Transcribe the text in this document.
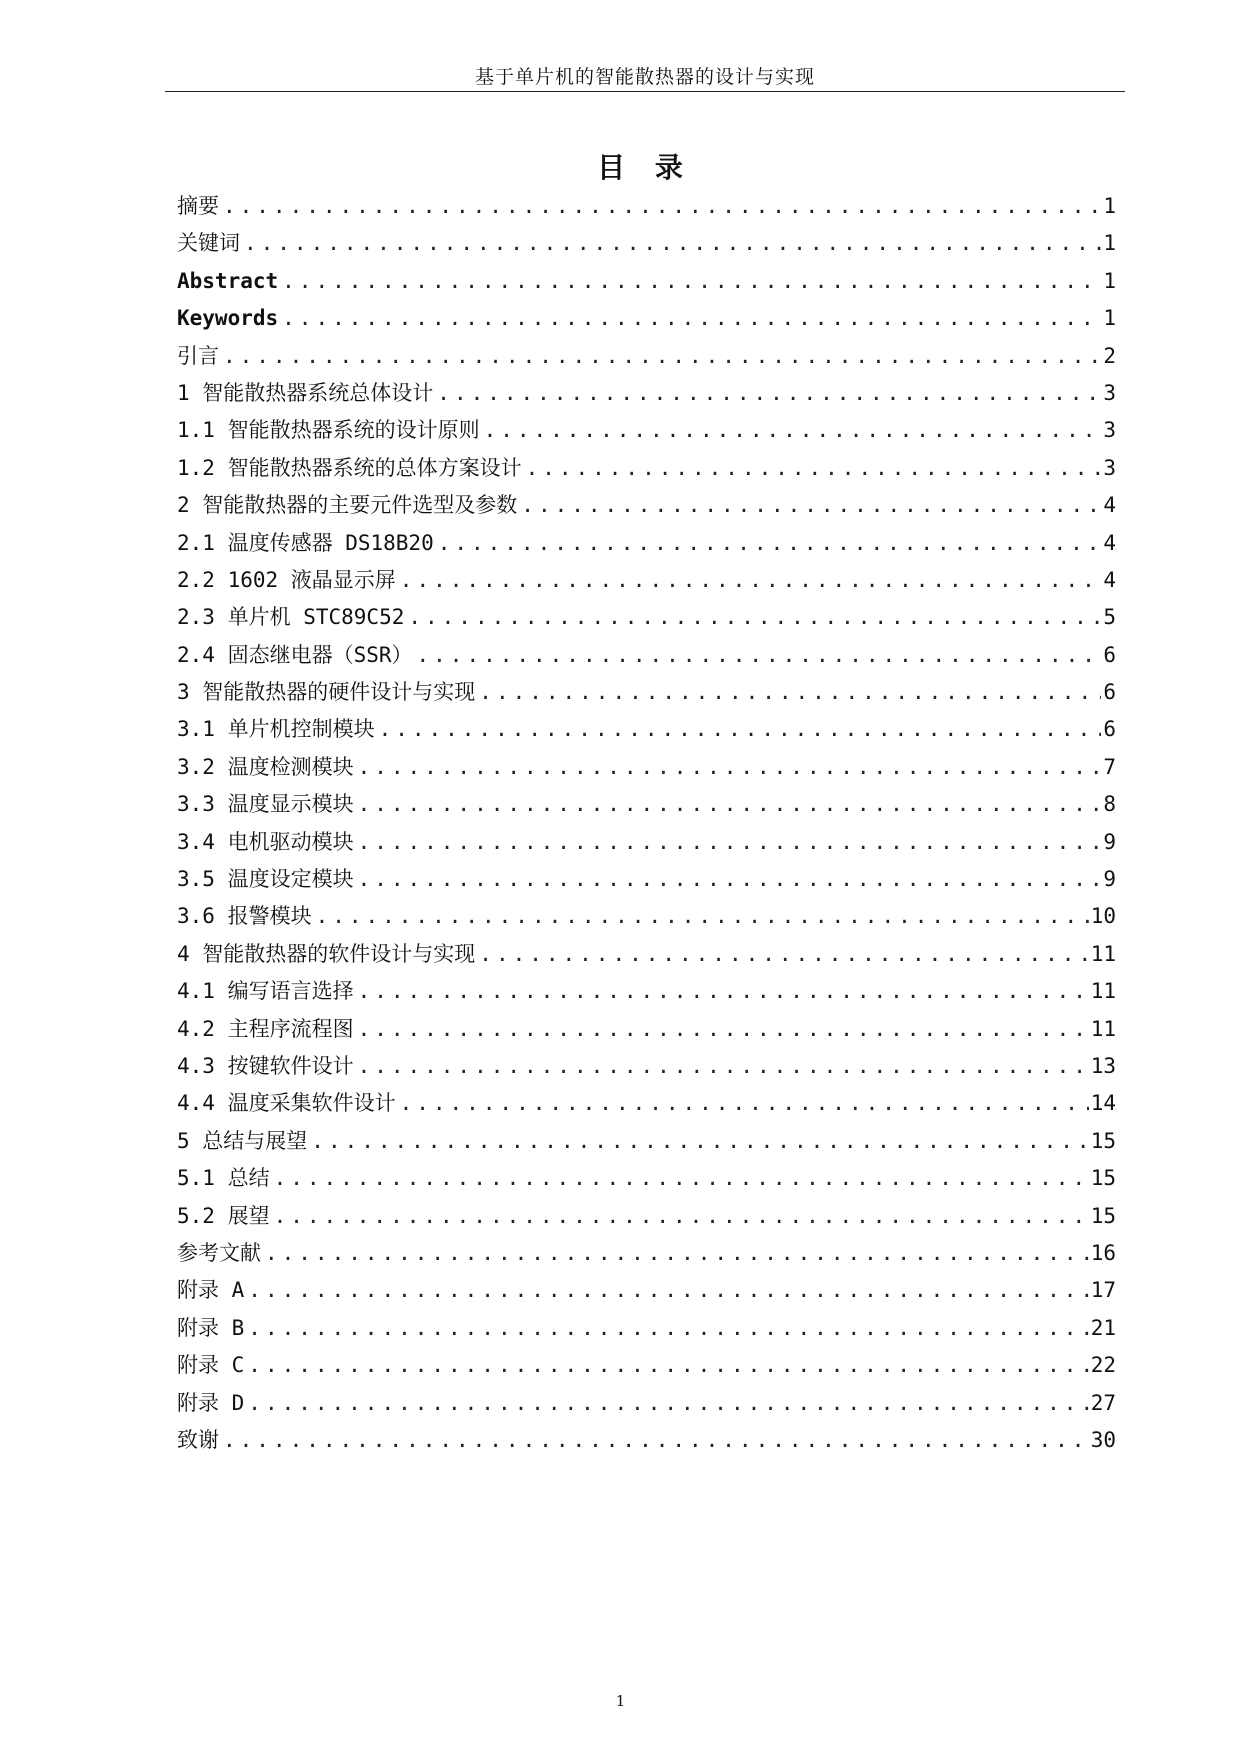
基于单片机的智能散热器的设计与实现
目 录
摘要 .....	1
关键词 .....	1
Abstract .....	1
Keywords .....	1
引言 .....	2
1 智能散热器系统总体设计 .....	3
1.1 智能散热器系统的设计原则 .....	3
1.2 智能散热器系统的总体方案设计 .....	3
2 智能散热器的主要元件选型及参数 .....	4
2.1 温度传感器 DS18B20 .....	4
2.2 1602 液晶显示屏 .....	4
2.3 单片机 STC89C52 .....	5
2.4 固态继电器（SSR） .....	6
3 智能散热器的硬件设计与实现 .....	6
3.1 单片机控制模块 .....	6
3.2 温度检测模块 .....	7
3.3 温度显示模块 .....	8
3.4 电机驱动模块 .....	9
3.5 温度设定模块 .....	9
3.6 报警模块 .....	10
4 智能散热器的软件设计与实现 .....	11
4.1 编写语言选择 .....	11
4.2 主程序流程图 .....	11
4.3 按键软件设计 .....	13
4.4 温度采集软件设计 .....	14
5 总结与展望 .....	15
5.1 总结 .....	15
5.2 展望 .....	15
参考文献 .....	16
附录 A .....	17
附录 B .....	21
附录 C .....	22
附录 D .....	27
致谢 .....	30
1
